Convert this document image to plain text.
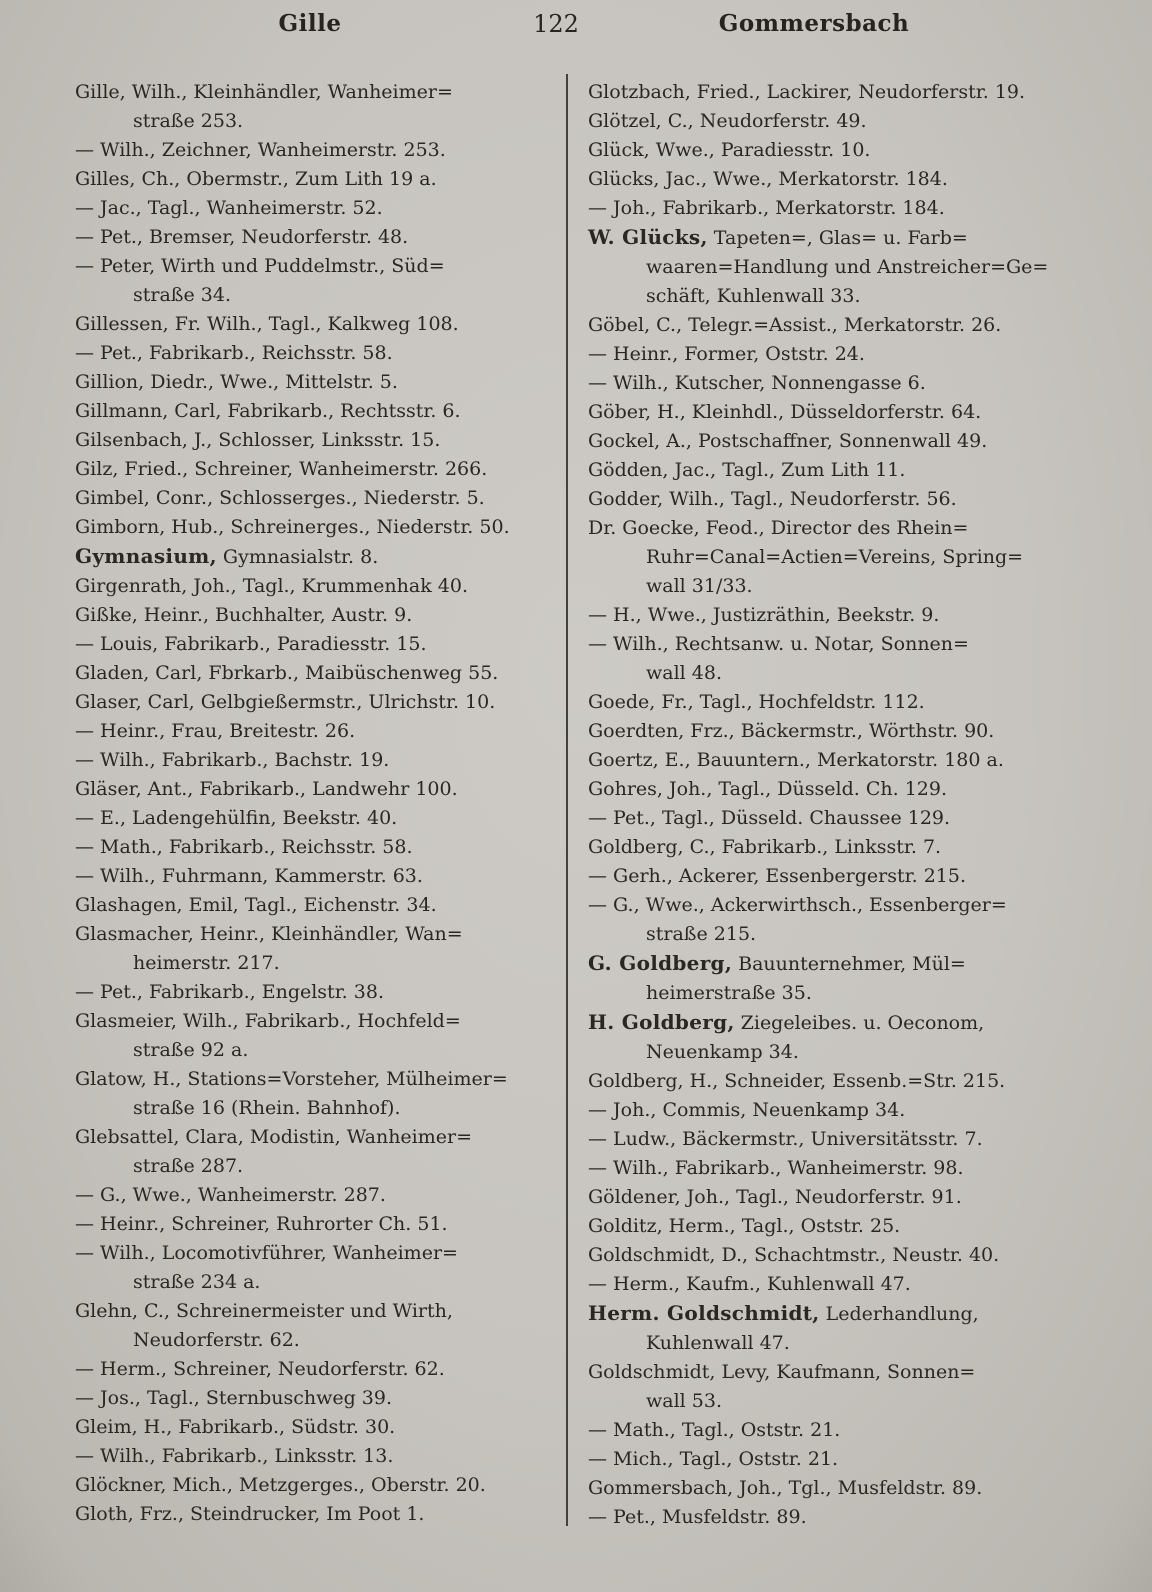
Gille	122	Gommersbach
Gille, Wilh., Kleinhändler, Wanheimer=
straße 253.
— Wilh., Zeichner, Wanheimerstr. 253.
Gilles, Ch., Obermstr., Zum Lith 19 a.
— Jac., Tagl., Wanheimerstr. 52.
— Pet., Bremser, Neudorferstr. 48.
— Peter, Wirth und Puddelmstr., Süd=
straße 34.
Gillessen, Fr. Wilh., Tagl., Kalkweg 108.
— Pet., Fabrikarb., Reichsstr. 58.
Gillion, Diedr., Wwe., Mittelstr. 5.
Gillmann, Carl, Fabrikarb., Rechtsstr. 6.
Gilsenbach, J., Schlosser, Linksstr. 15.
Gilz, Fried., Schreiner, Wanheimerstr. 266.
Gimbel, Conr., Schlosserges., Niederstr. 5.
Gimborn, Hub., Schreinerges., Niederstr. 50.
Gymnasium, Gymnasialstr. 8.
Girgenrath, Joh., Tagl., Krummenhak 40.
Gißke, Heinr., Buchhalter, Austr. 9.
— Louis, Fabrikarb., Paradiesstr. 15.
Gladen, Carl, Fbrkarb., Maibüschenweg 55.
Glaser, Carl, Gelbgießermstr., Ulrichstr. 10.
— Heinr., Frau, Breitestr. 26.
— Wilh., Fabrikarb., Bachstr. 19.
Gläser, Ant., Fabrikarb., Landwehr 100.
— E., Ladengehülfin, Beekstr. 40.
— Math., Fabrikarb., Reichsstr. 58.
— Wilh., Fuhrmann, Kammerstr. 63.
Glashagen, Emil, Tagl., Eichenstr. 34.
Glasmacher, Heinr., Kleinhändler, Wan=
heimerstr. 217.
— Pet., Fabrikarb., Engelstr. 38.
Glasmeier, Wilh., Fabrikarb., Hochfeld=
straße 92 a.
Glatow, H., Stations=Vorsteher, Mülheimer=
straße 16 (Rhein. Bahnhof).
Glebsattel, Clara, Modistin, Wanheimer=
straße 287.
— G., Wwe., Wanheimerstr. 287.
— Heinr., Schreiner, Ruhrorter Ch. 51.
— Wilh., Locomotivführer, Wanheimer=
straße 234 a.
Glehn, C., Schreinermeister und Wirth,
Neudorferstr. 62.
— Herm., Schreiner, Neudorferstr. 62.
— Jos., Tagl., Sternbuschweg 39.
Gleim, H., Fabrikarb., Südstr. 30.
— Wilh., Fabrikarb., Linksstr. 13.
Glöckner, Mich., Metzgerges., Oberstr. 20.
Gloth, Frz., Steindrucker, Im Poot 1.
Glotzbach, Fried., Lackirer, Neudorferstr. 19.
Glötzel, C., Neudorferstr. 49.
Glück, Wwe., Paradiesstr. 10.
Glücks, Jac., Wwe., Merkatorstr. 184.
— Joh., Fabrikarb., Merkatorstr. 184.
W. Glücks, Tapeten=, Glas= u. Farb=
waaren=Handlung und Anstreicher=Ge=
schäft, Kuhlenwall 33.
Göbel, C., Telegr.=Assist., Merkatorstr. 26.
— Heinr., Former, Oststr. 24.
— Wilh., Kutscher, Nonnengasse 6.
Göber, H., Kleinhdl., Düsseldorferstr. 64.
Gockel, A., Postschaffner, Sonnenwall 49.
Gödden, Jac., Tagl., Zum Lith 11.
Godder, Wilh., Tagl., Neudorferstr. 56.
Dr. Goecke, Feod., Director des Rhein=
Ruhr=Canal=Actien=Vereins, Spring=
wall 31/33.
— H., Wwe., Justizräthin, Beekstr. 9.
— Wilh., Rechtsanw. u. Notar, Sonnen=
wall 48.
Goede, Fr., Tagl., Hochfeldstr. 112.
Goerdten, Frz., Bäckermstr., Wörthstr. 90.
Goertz, E., Bauuntern., Merkatorstr. 180 a.
Gohres, Joh., Tagl., Düsseld. Ch. 129.
— Pet., Tagl., Düsseld. Chaussee 129.
Goldberg, C., Fabrikarb., Linksstr. 7.
— Gerh., Ackerer, Essenbergerstr. 215.
— G., Wwe., Ackerwirthsch., Essenberger=
straße 215.
G. Goldberg, Bauunternehmer, Mül=
heimerstraße 35.
H. Goldberg, Ziegeleibes. u. Oeconom,
Neuenkamp 34.
Goldberg, H., Schneider, Essenb.=Str. 215.
— Joh., Commis, Neuenkamp 34.
— Ludw., Bäckermstr., Universitätsstr. 7.
— Wilh., Fabrikarb., Wanheimerstr. 98.
Göldener, Joh., Tagl., Neudorferstr. 91.
Golditz, Herm., Tagl., Oststr. 25.
Goldschmidt, D., Schachtmstr., Neustr. 40.
— Herm., Kaufm., Kuhlenwall 47.
Herm. Goldschmidt, Lederhandlung,
Kuhlenwall 47.
Goldschmidt, Levy, Kaufmann, Sonnen=
wall 53.
— Math., Tagl., Oststr. 21.
— Mich., Tagl., Oststr. 21.
Gommersbach, Joh., Tgl., Musfeldstr. 89.
— Pet., Musfeldstr. 89.
